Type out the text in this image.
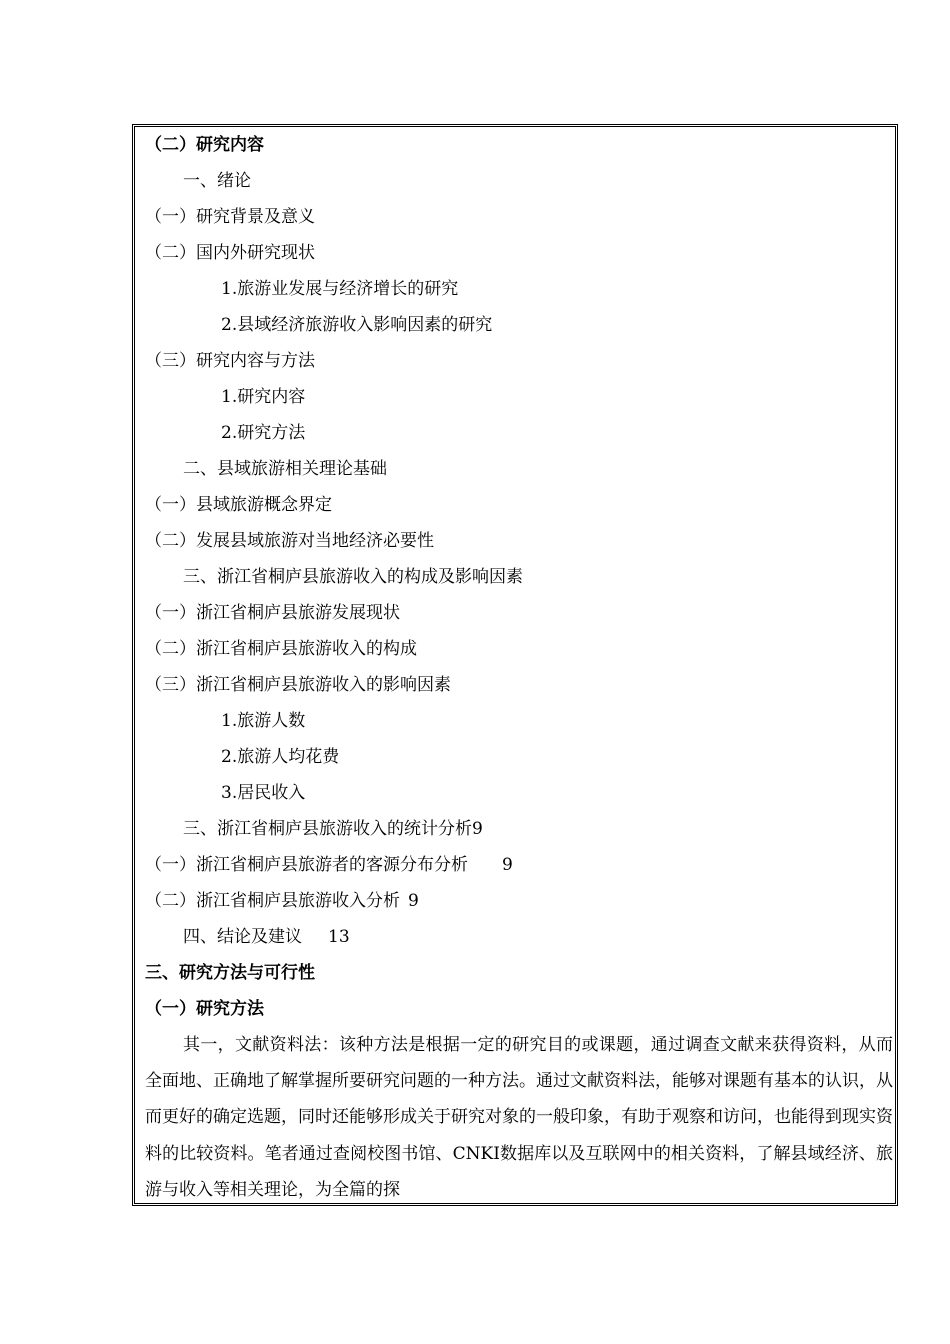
（二）研究内容
一、绪论
（一）研究背景及意义
（二）国内外研究现状
1.旅游业发展与经济增长的研究
2.县域经济旅游收入影响因素的研究
（三）研究内容与方法
1.研究内容
2.研究方法
二、县域旅游相关理论基础
（一）县域旅游概念界定
（二）发展县域旅游对当地经济必要性
三、浙江省桐庐县旅游收入的构成及影响因素
（一）浙江省桐庐县旅游发展现状
（二）浙江省桐庐县旅游收入的构成
（三）浙江省桐庐县旅游收入的影响因素
1.旅游人数
2.旅游人均花费
3.居民收入
三、浙江省桐庐县旅游收入的统计分析9
（一）浙江省桐庐县旅游者的客源分布分析 9
（二）浙江省桐庐县旅游收入分析 9
四、结论及建议 13
三、研究方法与可行性
（一）研究方法

其一，文献资料法：该种方法是根据一定的研究目的或课题，通过调查文献来获得资料，从而全面地、正确地了解掌握所要研究问题的一种方法。通过文献资料法，能够对课题有基本的认识，从而更好的确定选题，同时还能够形成关于研究对象的一般印象，有助于观察和访问，也能得到现实资料的比较资料。笔者通过查阅校图书馆、CNKI数据库以及互联网中的相关资料，了解县域经济、旅游与收入等相关理论，为全篇的探
